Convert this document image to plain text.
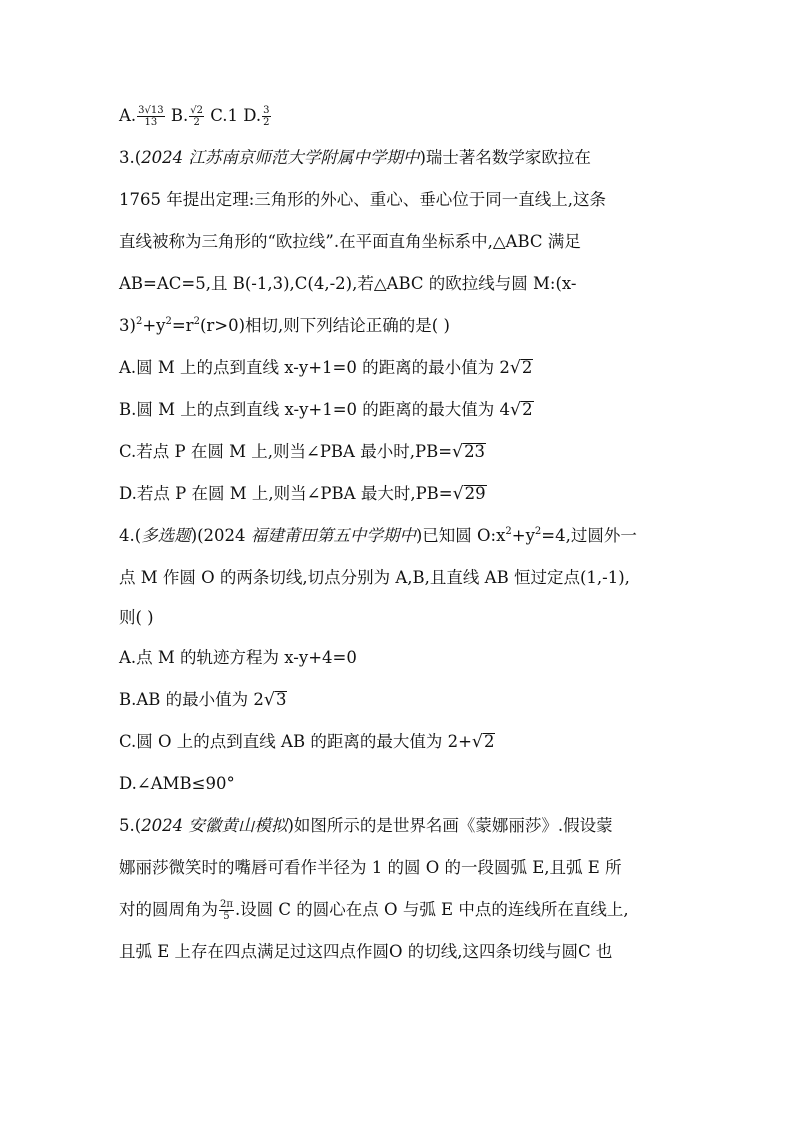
A. $\frac{3√13}{13} B$. $\frac{√2}{2} C.1$ D. $\frac{3}{2}$
3.(2024 江苏南京师范大学附属中学期中)瑞士著名数学家欧拉在
1765 年提出定理:三角形的外心、重心、垂心位于同一直线上,这条
直线被称为三角形的“欧拉线”.在平面直角坐标系中,△ABC 满足
AB=AC=5,且 B(-1,3),C(4,-2),若△ABC 的欧拉线与圆 M:(x-
$3)^2+y^2=r^2(r>0)$相切,则下列结论正确的是( )
A.圆 M 上的点到直线 x-y+1=0 的距离的最小值为 2√2
B.圆 M 上的点到直线 x-y+1=0 的距离的最大值为 4√2
C.若点 P 在圆 M 上,则当∠PBA 最小时,PB=√23
D.若点 P 在圆 M 上,则当∠PBA 最大时,PB=√29
4.(多选题)(2024 福建莆田第五中学期中)已知圆 $O:x^2+y^2=4$,过圆外一
点 M 作圆 O 的两条切线,切点分别为 A,B,且直线 AB 恒过定点(1,-1),
则( )
A.点 M 的轨迹方程为 x-y+4=0
B.AB 的最小值为 2√3
C.圆 O 上的点到直线 AB 的距离的最大值为 2+√2
D.∠AMB≤90°
5.(2024 安徽黄山模拟)如图所示的是世界名画《蒙娜丽莎》.假设蒙
娜丽莎微笑时的嘴唇可看作半径为 1 的圆 O 的一段圆弧 E,且弧 E 所
对的圆周角为 $\frac{2\pi}{5}$ .设圆 C 的圆心在点 O 与弧 E 中点的连线所在直线上,
且弧 E 上存在四点满足过这四点作圆O 的切线,这四条切线与圆C 也
